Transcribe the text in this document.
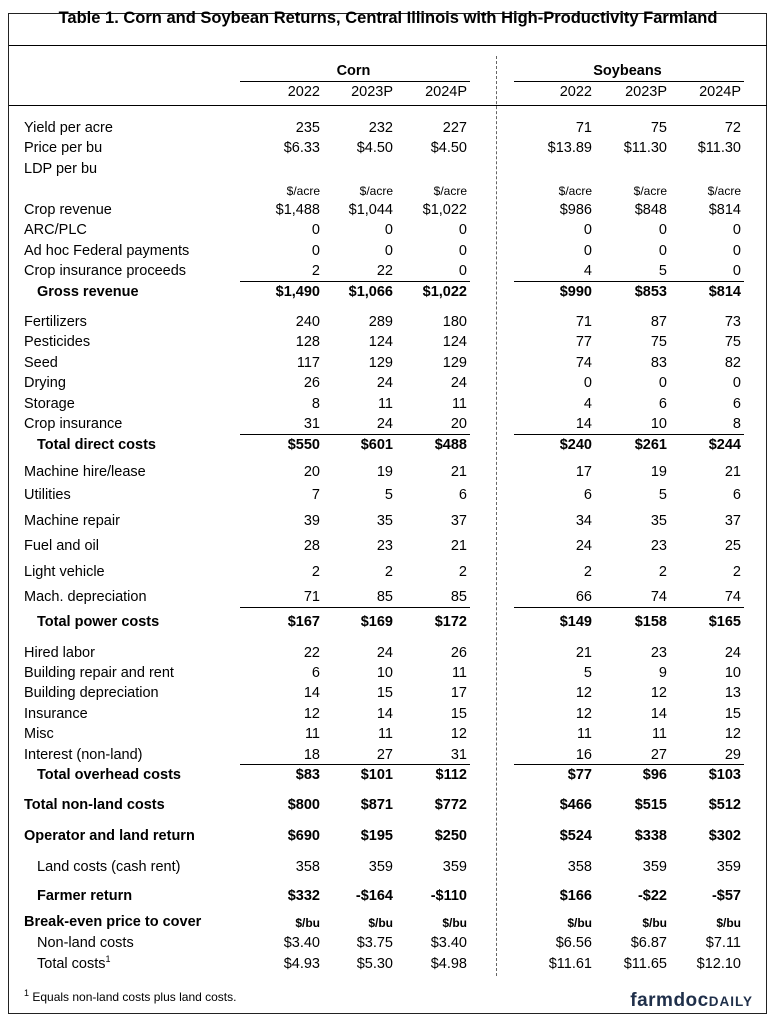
Table 1. Corn and Soybean Returns, Central Illinois with High-Productivity Farmland
Corn	Soybeans
2022	2023P	2024P	2022	2023P	2024P
Yield per acre	235	232	227	71	75	72
Price per bu	$6.33	$4.50	$4.50	$13.89	$11.30	$11.30
LDP per bu
$/acre	$/acre	$/acre	$/acre	$/acre	$/acre
Crop revenue	$1,488	$1,044	$1,022	$986	$848	$814
ARC/PLC	0	0	0	0	0	0
Ad hoc Federal payments	0	0	0	0	0	0
Crop insurance proceeds	2	22	0	4	5	0
Gross revenue	$1,490	$1,066	$1,022	$990	$853	$814
Fertilizers	240	289	180	71	87	73
Pesticides	128	124	124	77	75	75
Seed	117	129	129	74	83	82
Drying	26	24	24	0	0	0
Storage	8	11	11	4	6	6
Crop insurance	31	24	20	14	10	8
Total direct costs	$550	$601	$488	$240	$261	$244
Machine hire/lease	20	19	21	17	19	21
Utilities	7	5	6	6	5	6
Machine repair	39	35	37	34	35	37
Fuel and oil	28	23	21	24	23	25
Light vehicle	2	2	2	2	2	2
Mach. depreciation	71	85	85	66	74	74
Total power costs	$167	$169	$172	$149	$158	$165
Hired labor	22	24	26	21	23	24
Building repair and rent	6	10	11	5	9	10
Building depreciation	14	15	17	12	12	13
Insurance	12	14	15	12	14	15
Misc	11	11	12	11	11	12
Interest (non-land)	18	27	31	16	27	29
Total overhead costs	$83	$101	$112	$77	$96	$103
Total non-land costs	$800	$871	$772	$466	$515	$512
Operator and land return	$690	$195	$250	$524	$338	$302
Land costs (cash rent)	358	359	359	358	359	359
Farmer return	$332	-$164	-$110	$166	-$22	-$57
Break-even price to cover	$/bu	$/bu	$/bu	$/bu	$/bu	$/bu
Non-land costs	$3.40	$3.75	$3.40	$6.56	$6.87	$7.11
Total costs$^1$	$4.93	$5.30	$4.98	$11.61	$11.65	$12.10
$^1$ Equals non-land costs plus land costs.	farmdocDAILY
